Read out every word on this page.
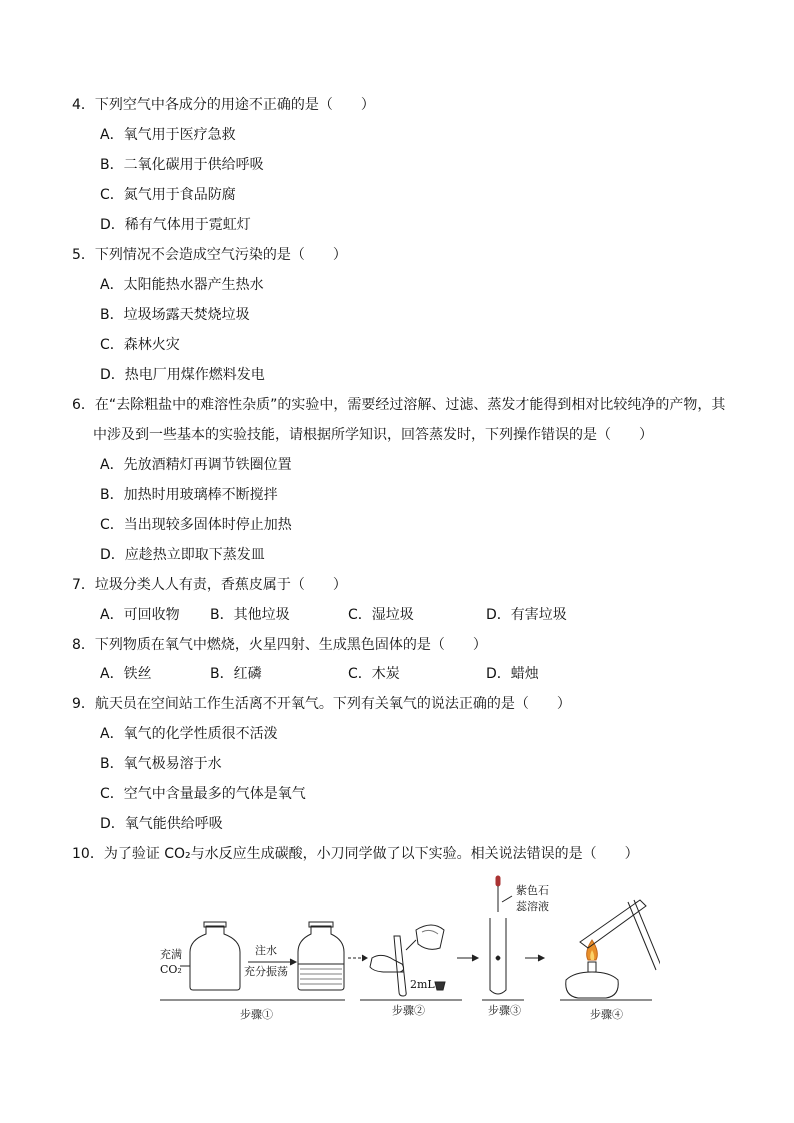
4．下列空气中各成分的用途不正确的是（　　）
A．氧气用于医疗急救
B．二氧化碳用于供给呼吸
C．氮气用于食品防腐
D．稀有气体用于霓虹灯
5．下列情况不会造成空气污染的是（　　）
A．太阳能热水器产生热水
B．垃圾场露天焚烧垃圾
C．森林火灾
D．热电厂用煤作燃料发电
6．在“去除粗盐中的难溶性杂质”的实验中，需要经过溶解、过滤、蒸发才能得到相对比较纯净的产物，其
中涉及到一些基本的实验技能，请根据所学知识，回答蒸发时，下列操作错误的是（　　）
A．先放酒精灯再调节铁圈位置
B．加热时用玻璃棒不断搅拌
C．当出现较多固体时停止加热
D．应趁热立即取下蒸发皿
7．垃圾分类人人有责，香蕉皮属于（　　）
A．可回收物 B．其他垃圾	C．湿垃圾	D．有害垃圾
8．下列物质在氧气中燃烧，火星四射、生成黑色固体的是（　　）
A．铁丝	B．红磷	C．木炭	D．蜡烛
9．航天员在空间站工作生活离不开氧气。下列有关氧气的说法正确的是（　　）
A．氧气的化学性质很不活泼
B．氧气极易溶于水
C．空气中含量最多的气体是氧气
D．氧气能供给呼吸
10．为了验证 CO₂与水反应生成碳酸，小刀同学做了以下实验。相关说法错误的是（　　）
充满
CO₂
注水
充分振荡
2mL
紫色石
蕊溶液
步骤①	步骤②	步骤③	步骤④
